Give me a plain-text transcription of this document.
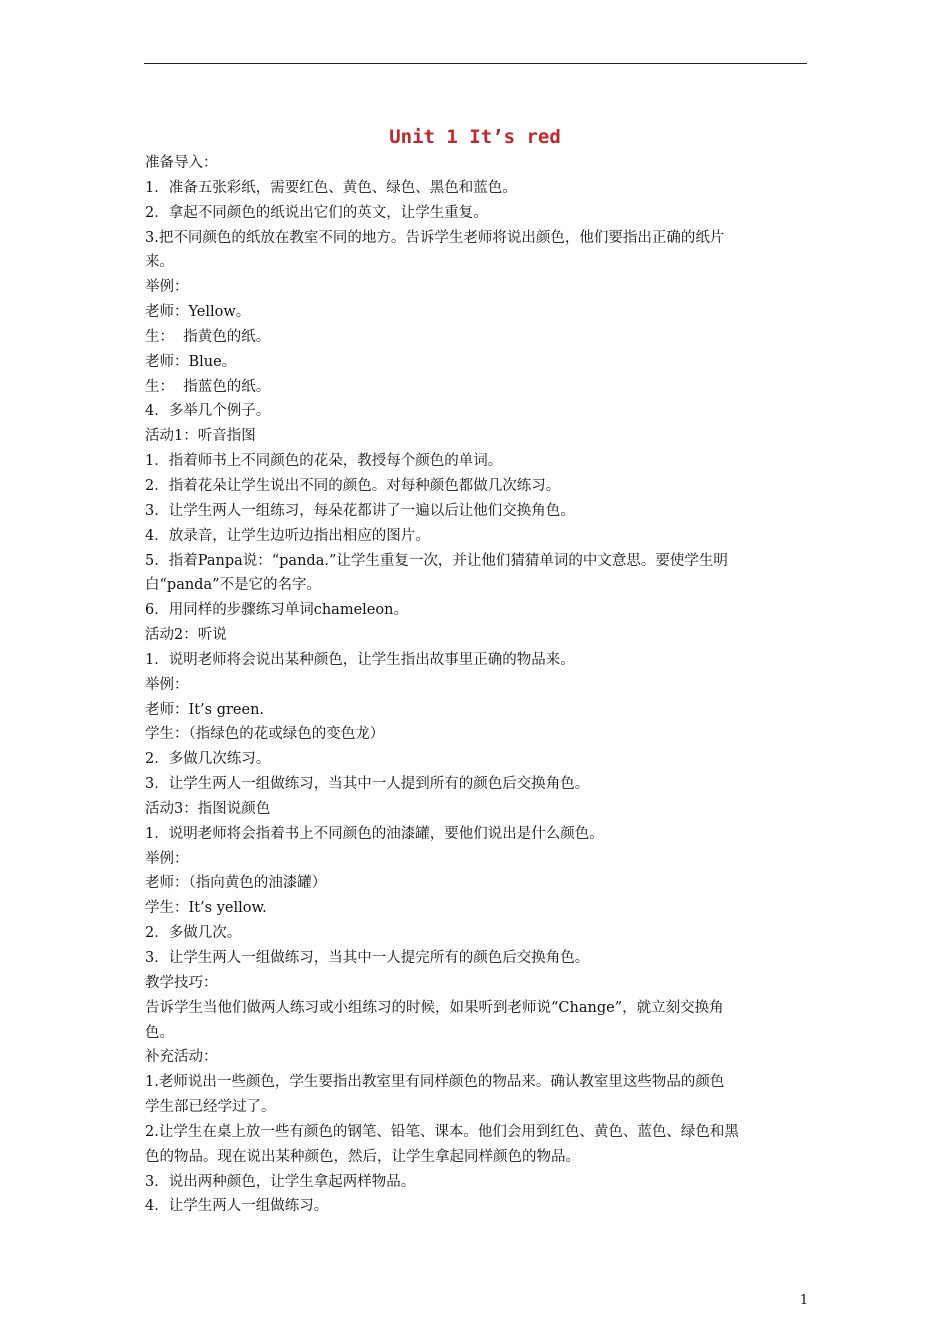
Unit 1 It’s red
准备导入：
1．准备五张彩纸，需要红色、黄色、绿色、黑色和蓝色。
2．拿起不同颜色的纸说出它们的英文，让学生重复。
3.把不同颜色的纸放在教室不同的地方。告诉学生老师将说出颜色，他们要指出正确的纸片
来。
举例：
老师：Yellow。
生：  指黄色的纸。
老师：Blue。
生：  指蓝色的纸。
4．多举几个例子。
活动1：听音指图
1．指着师书上不同颜色的花朵，教授每个颜色的单词。
2．指着花朵让学生说出不同的颜色。对每种颜色都做几次练习。
3．让学生两人一组练习，每朵花都讲了一遍以后让他们交换角色。
4．放录音，让学生边听边指出相应的图片。
5．指着Panpa说：“panda.”让学生重复一次，并让他们猜猜单词的中文意思。要使学生明
白“panda”不是它的名字。
6．用同样的步骤练习单词chameleon。
活动2：听说
1．说明老师将会说出某种颜色，让学生指出故事里正确的物品来。
举例：
老师：It’s green.
学生：（指绿色的花或绿色的变色龙）
2．多做几次练习。
3．让学生两人一组做练习，当其中一人提到所有的颜色后交换角色。
活动3：指图说颜色
1．说明老师将会指着书上不同颜色的油漆罐，要他们说出是什么颜色。
举例：
老师：（指向黄色的油漆罐）
学生：It’s yellow.
2．多做几次。
3．让学生两人一组做练习，当其中一人提完所有的颜色后交换角色。
教学技巧：
告诉学生当他们做两人练习或小组练习的时候，如果听到老师说“Change”，就立刻交换角
色。
补充活动：
1.老师说出一些颜色，学生要指出教室里有同样颜色的物品来。确认教室里这些物品的颜色
学生部已经学过了。
2.让学生在桌上放一些有颜色的钢笔、铅笔、课本。他们会用到红色、黄色、蓝色、绿色和黑
色的物品。现在说出某种颜色，然后，让学生拿起同样颜色的物品。
3．说出两种颜色，让学生拿起两样物品。
4．让学生两人一组做练习。
1
